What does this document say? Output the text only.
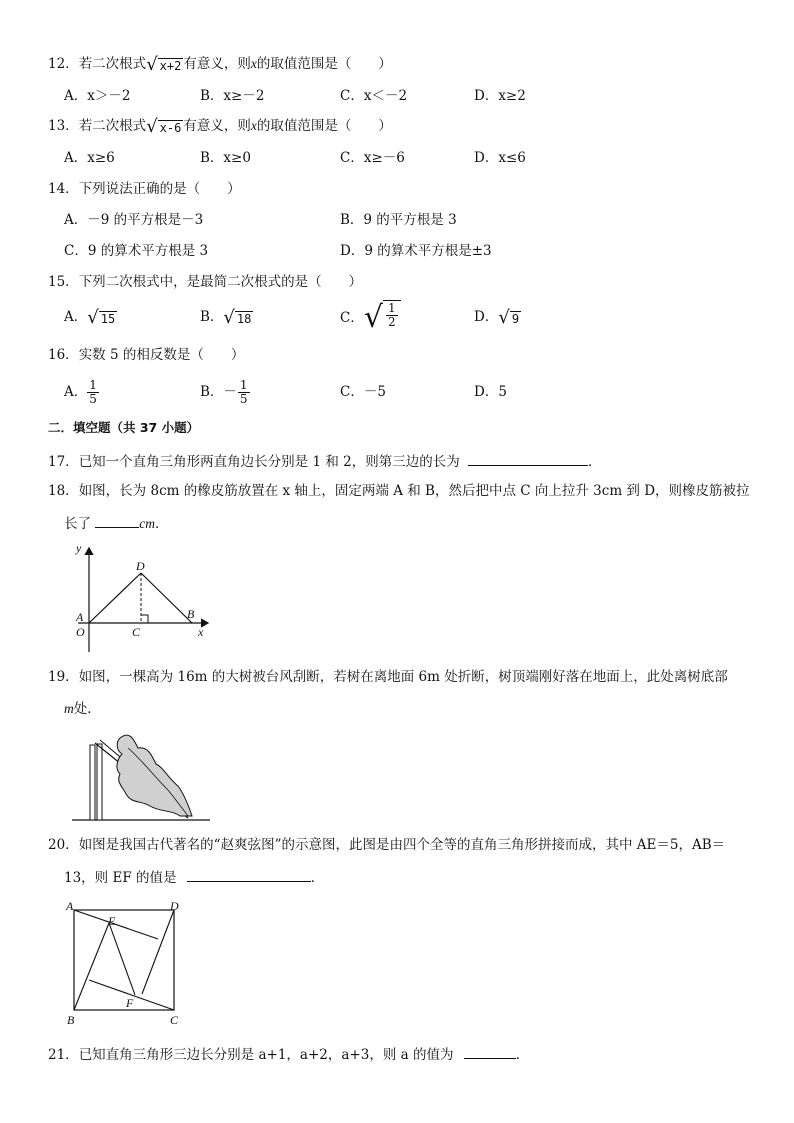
12．若二次根式 √ x+2 有意义，则x的取值范围是（　　）
A．x＞－2	B．x≥－2	C．x＜－2	D．x≥2
13．若二次根式 √ x-6 有意义，则x的取值范围是（　　）
A．x≥6	B．x≥0	C．x≥－6	D．x≤6
14．下列说法正确的是（　　）
A．－9 的平方根是－3	B．9 的平方根是 3
C．9 的算术平方根是 3	D．9 的算术平方根是±3
15．下列二次根式中，是最简二次根式的是（　　）
A． √ 15	B． √ 18	C． √ $\frac{1}{2}$	D． √ 9
16．实数 5 的相反数是（　　）
A． $\frac{1}{5}$	B． － $\frac{1}{5}$	C．－5	D．5
二．填空题（共 37 小题）
17．已知一个直角三角形两直角边长分别是 1 和 2，则第三边的长为	．
18．如图，长为 8cm 的橡皮筋放置在 x 轴上，固定两端 A 和 B，然后把中点 C 向上拉升 3cm 到 D，则橡皮筋被拉
长了	cm．
y
D
A	B
O	C	x
19．如图，一棵高为 16m 的大树被台风刮断，若树在离地面 6m 处折断，树顶端刚好落在地面上，此处离树底部
m处．
20．如图是我国古代著名的“赵爽弦图”的示意图，此图是由四个全等的直角三角形拼接而成，其中 AE＝5，AB＝
13，则 EF 的值是	．
A	D
E
F
B	C
21．已知直角三角形三边长分别是 a+1，a+2，a+3，则 a 的值为	．
